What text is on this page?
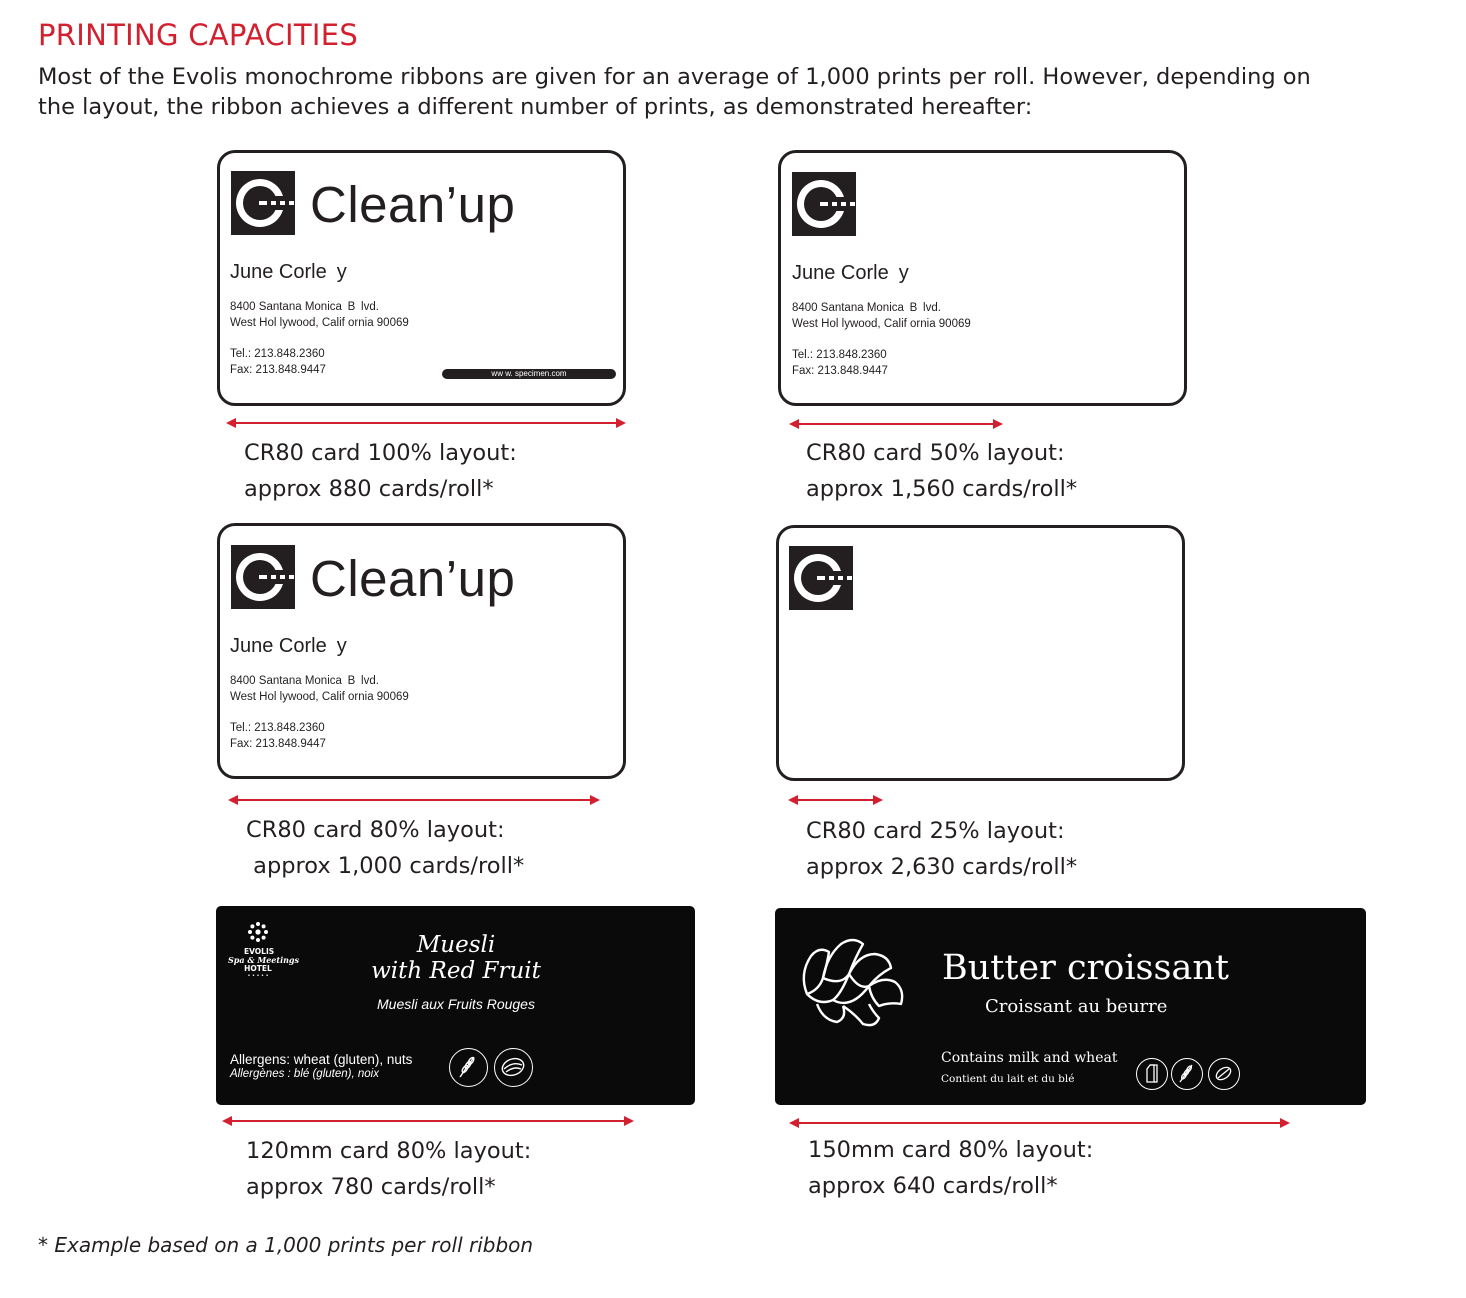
PRINTING CAPACITIES
Most of the Evolis monochrome ribbons are given for an average of 1,000 prints per roll. However, depending on
the layout, the ribbon achieves a different number of prints, as demonstrated hereafter:
Clean’up
June Corle y
8400 Santana Monica B lvd.
West Hol lywood, Calif ornia 90069
Tel.: 213.848.2360
Fax: 213.848.9447	ww w. specimen.com
June Corle y
8400 Santana Monica B lvd.
West Hol lywood, Calif ornia 90069
Tel.: 213.848.2360
Fax: 213.848.9447
CR80 card 100% layout:
approx 880 cards/roll*
CR80 card 50% layout:
approx 1,560 cards/roll*
Clean’up
June Corle y
8400 Santana Monica B lvd.
West Hol lywood, Calif ornia 90069
Tel.: 213.848.2360
Fax: 213.848.9447
CR80 card 80% layout:
approx 1,000 cards/roll*
CR80 card 25% layout:
approx 2,630 cards/roll*
EVOLIS
Spa & Meetings
HOTEL
• • • • •
Muesli
with Red Fruit
Muesli aux Fruits Rouges
Allergens: wheat (gluten), nuts
Allergènes : blé (gluten), noix
Butter croissant
Croissant au beurre
Contains milk and wheat
Contient du lait et du blé
120mm card 80% layout:
approx 780 cards/roll*
150mm card 80% layout:
approx 640 cards/roll*
* Example based on a 1,000 prints per roll ribbon
